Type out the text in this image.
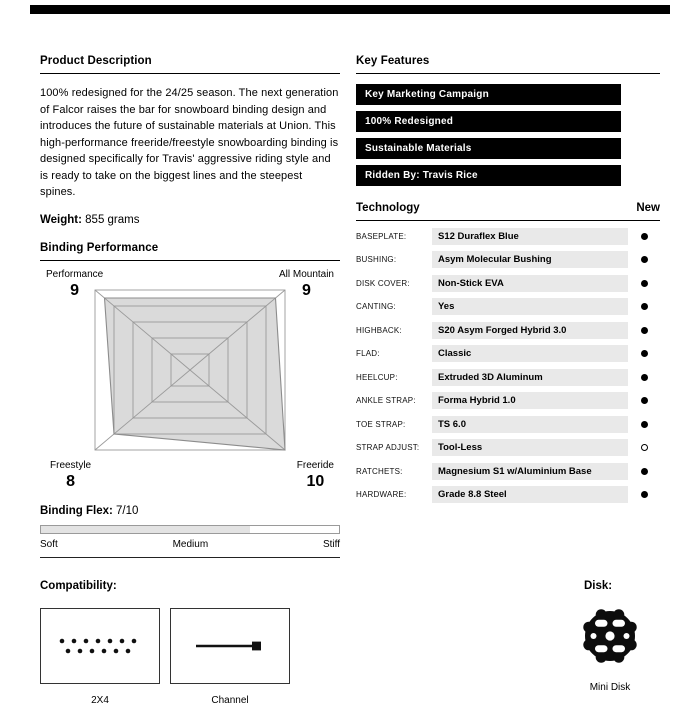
Product Description
100% redesigned for the 24/25 season. The next generation of Falcor raises the bar for snowboard binding design and introduces the future of sustainable materials at Union. This high-performance freeride/freestyle snowboarding binding is designed specifically for Travis' aggressive riding style and is ready to take on the biggest lines and the steepest spines.
Weight: 855 grams
Binding Performance
Performance
9
All Mountain
9
Freestyle
8
Freeride
10
Binding Flex: 7/10
Soft	Medium	Stiff
Key Features
Key Marketing Campaign
100% Redesigned
Sustainable Materials
Ridden By: Travis Rice
Technology	New
BASEPLATE:	S12 Duraflex Blue
BUSHING:	Asym Molecular Bushing
DISK COVER:	Non-Stick EVA
CANTING:	Yes
HIGHBACK:	S20 Asym Forged Hybrid 3.0
FLAD:	Classic
HEELCUP:	Extruded 3D Aluminum
ANKLE STRAP:	Forma Hybrid 1.0
TOE STRAP:	TS 6.0
STRAP ADJUST:	Tool-Less
RATCHETS:	Magnesium S1 w/Aluminium Base
HARDWARE:	Grade 8.8 Steel
Compatibility:
2X4	Channel
Disk:
Mini Disk
